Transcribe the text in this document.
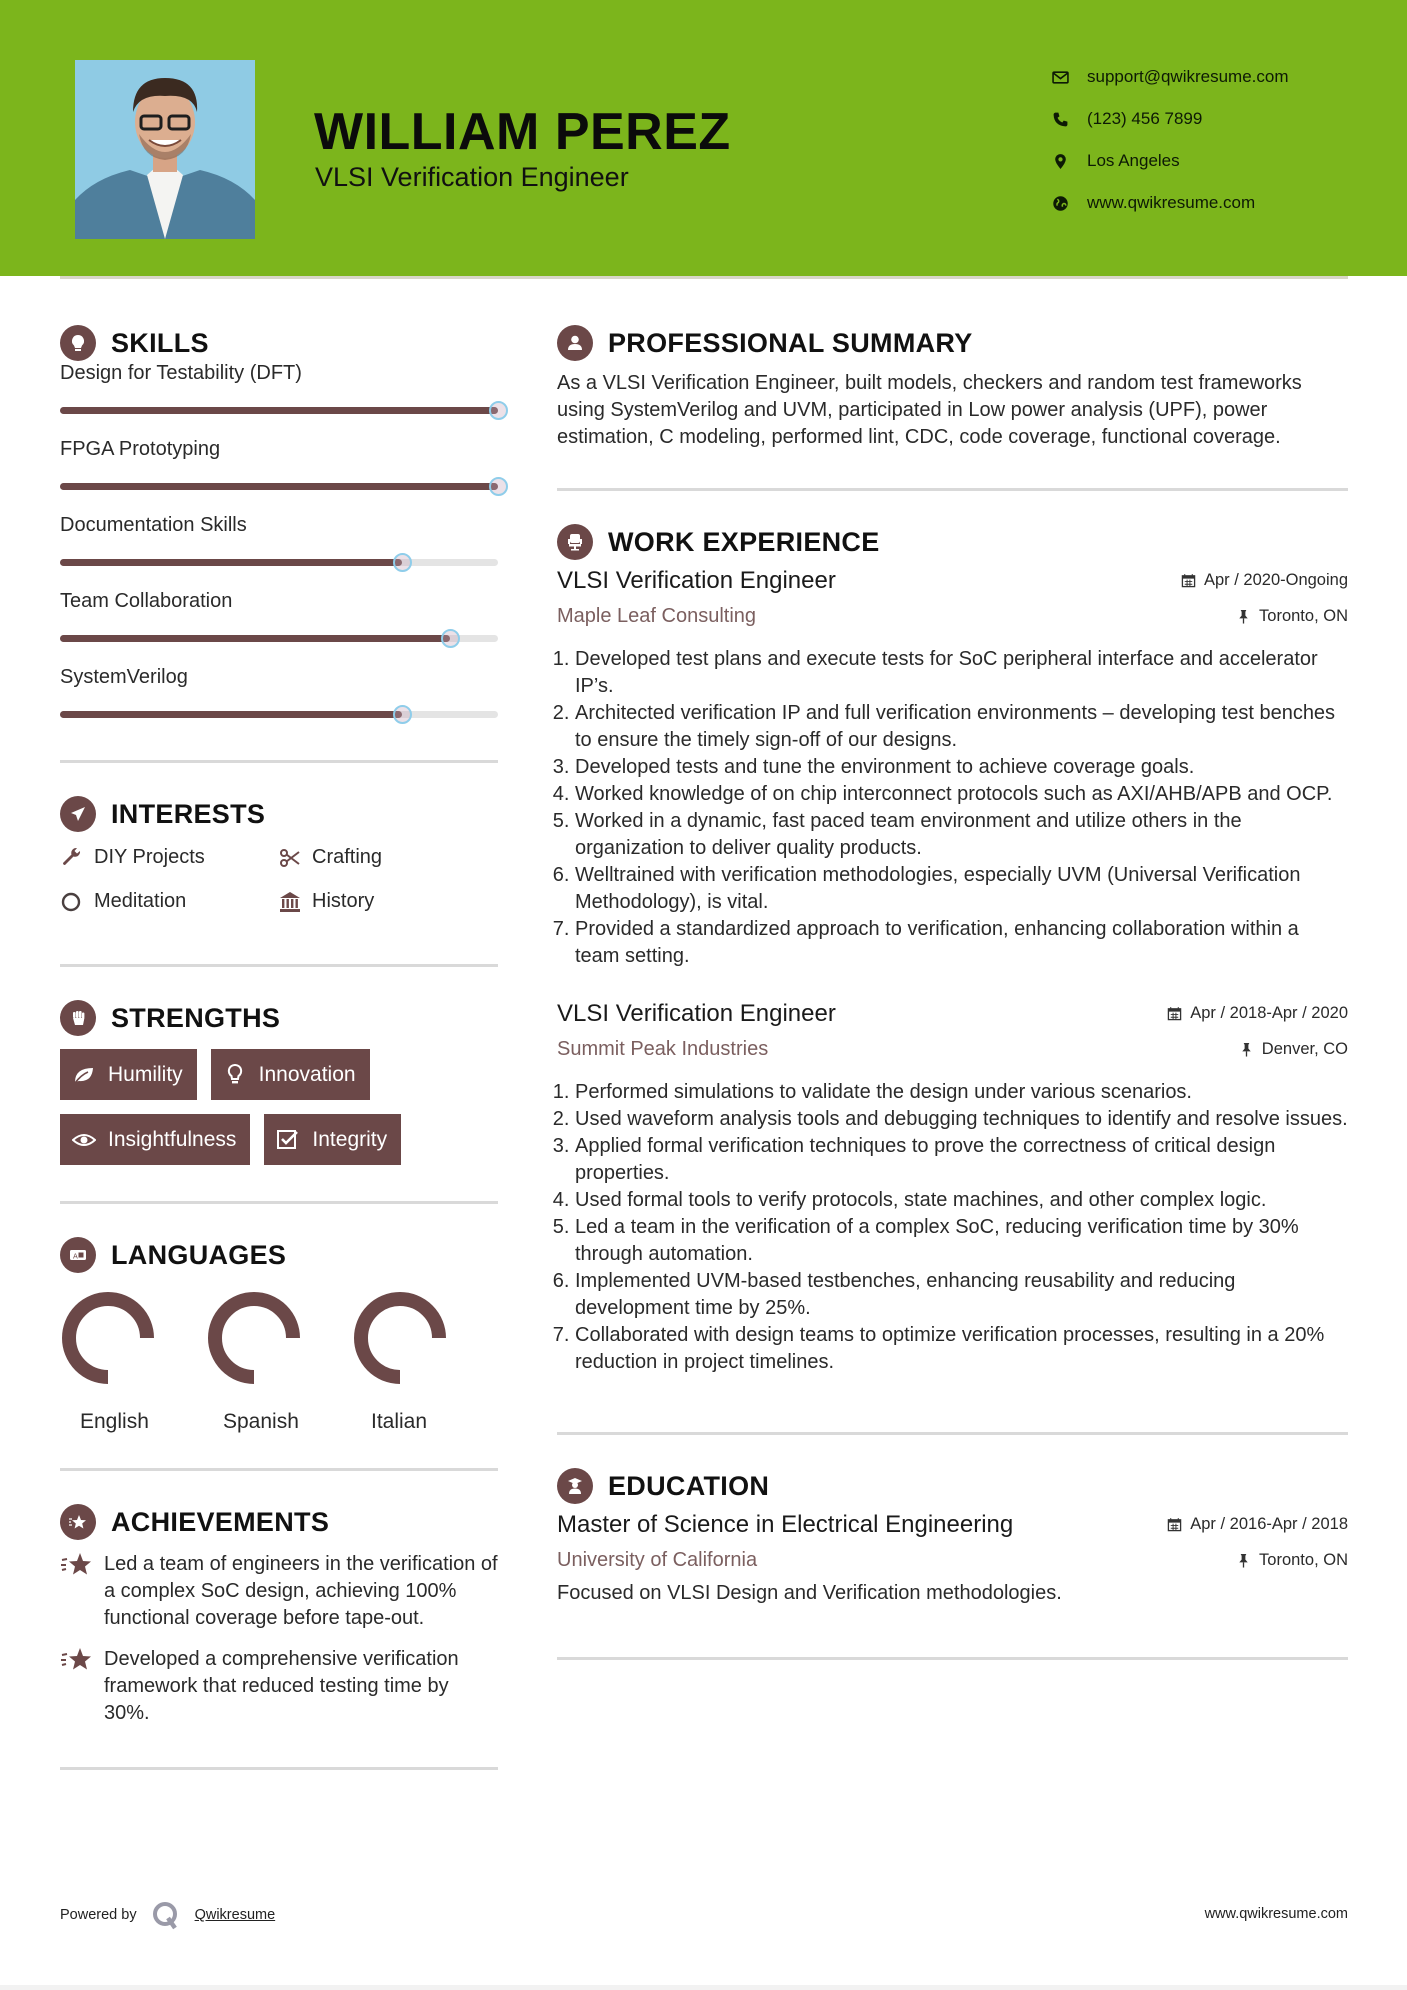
WILLIAM PEREZ
VLSI Verification Engineer
support@qwikresume.com
(123) 456 7899
Los Angeles
www.qwikresume.com
SKILLS
Design for Testability (DFT)
FPGA Prototyping
Documentation Skills
Team Collaboration
SystemVerilog
INTERESTS
DIY Projects	Crafting
Meditation	History
STRENGTHS
Humility	Innovation
Insightfulness	Integrity
A LANGUAGES
English	Spanish	Italian
ACHIEVEMENTS
Led a team of engineers in the verification of a complex SoC design, achieving 100% functional coverage before tape-out.
Developed a comprehensive verification framework that reduced testing time by 30%.
PROFESSIONAL SUMMARY
As a VLSI Verification Engineer, built models, checkers and random test frameworks using SystemVerilog and UVM, participated in Low power analysis (UPF), power estimation, C modeling, performed lint, CDC, code coverage, functional coverage.
WORK EXPERIENCE
VLSI Verification Engineer	Apr / 2020-Ongoing
Maple Leaf Consulting	Toronto, ON
1. Developed test plans and execute tests for SoC peripheral interface and accelerator IP’s.
2. Architected verification IP and full verification environments – developing test benches to ensure the timely sign-off of our designs.
3. Developed tests and tune the environment to achieve coverage goals.
4. Worked knowledge of on chip interconnect protocols such as AXI/AHB/APB and OCP.
5. Worked in a dynamic, fast paced team environment and utilize others in the organization to deliver quality products.
6. Welltrained with verification methodologies, especially UVM (Universal Verification Methodology), is vital.
7. Provided a standardized approach to verification, enhancing collaboration within a team setting.
VLSI Verification Engineer	Apr / 2018-Apr / 2020
Summit Peak Industries	Denver, CO
1. Performed simulations to validate the design under various scenarios.
2. Used waveform analysis tools and debugging techniques to identify and resolve issues.
3. Applied formal verification techniques to prove the correctness of critical design properties.
4. Used formal tools to verify protocols, state machines, and other complex logic.
5. Led a team in the verification of a complex SoC, reducing verification time by 30% through automation.
6. Implemented UVM-based testbenches, enhancing reusability and reducing development time by 25%.
7. Collaborated with design teams to optimize verification processes, resulting in a 20% reduction in project timelines.
EDUCATION
Master of Science in Electrical Engineering	Apr / 2016-Apr / 2018
University of California	Toronto, ON
Focused on VLSI Design and Verification methodologies.
Powered by	Qwikresume	www.qwikresume.com
